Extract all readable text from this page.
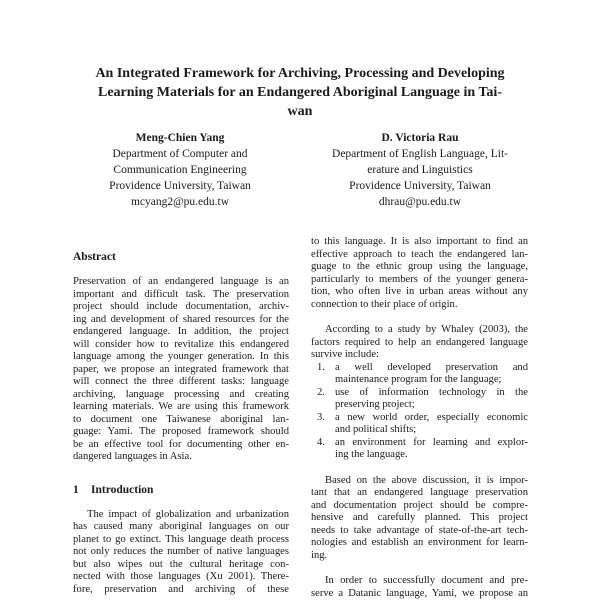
An Integrated Framework for Archiving, Processing and Developing
Learning Materials for an Endangered Aboriginal Language in Tai-
wan
Meng-Chien Yang
Department of Computer and
Communication Engineering
Providence University, Taiwan
mcyang2@pu.edu.tw
D. Victoria Rau
Department of English Language, Lit-
erature and Linguistics
Providence University, Taiwan
dhrau@pu.edu.tw

Abstract

Preservation of an endangered language is an
important and difficult task. The preservation
project should include documentation, archiv-
ing and development of shared resources for the
endangered language. In addition, the project
will consider how to revitalize this endangered
language among the younger generation. In this
paper, we propose an integrated framework that
will connect the three different tasks: language
archiving, language processing and creating
learning materials. We are using this framework
to document one Taiwanese aboriginal lan-
guage: Yami. The proposed framework should
be an effective tool for documenting other en-
dangered languages in Asia.

1 Introduction

The impact of globalization and urbanization
has caused many aboriginal languages on our
planet to go extinct. This language death process
not only reduces the number of native languages
but also wipes out the cultural heritage con-
nected with those languages (Xu 2001). There-
fore, preservation and archiving of these

to this language. It is also important to find an
effective approach to teach the endangered lan-
guage to the ethnic group using the language,
particularly to members of the younger genera-
tion, who often live in urban areas without any
connection to their place of origin.

According to a study by Whaley (2003), the
factors required to help an endangered language
survive include:

1. a well developed preservation and
maintenance program for the language;
2. use of information technology in the
preserving project;
3. a new world order, especially economic
and political shifts;
4. an environment for learning and explor-
ing the language.

Based on the above discussion, it is impor-
tant that an endangered language preservation
and documentation project should be compre-
hensive and carefully planned. This project
needs to take advantage of state-of-the-art tech-
nologies and establish an environment for learn-
ing.

In order to successfully document and pre-
serve a Datanic language, Yami, we propose an
